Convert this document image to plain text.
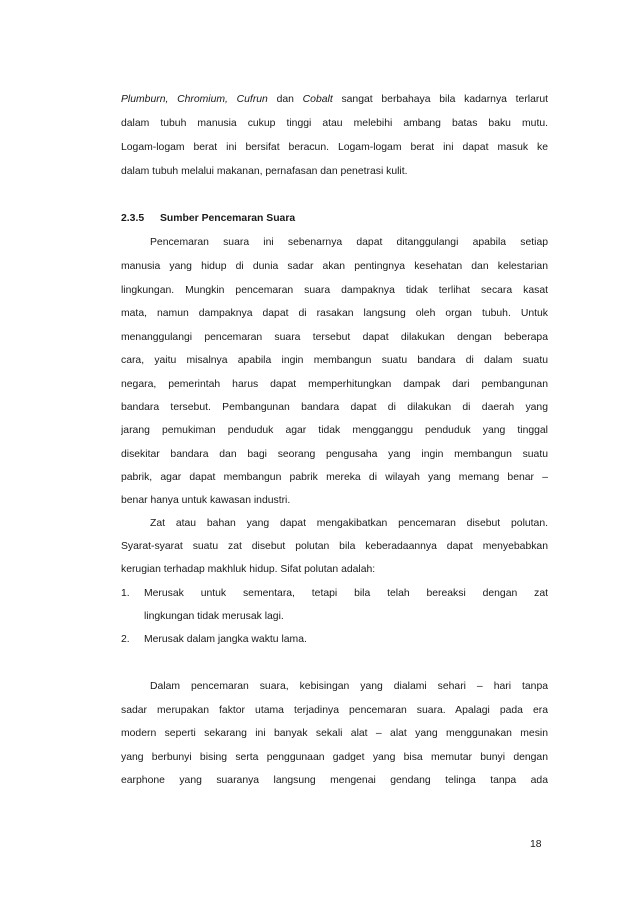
Plumburn, Chromium, Cufrun dan Cobalt sangat berbahaya bila kadarnya terlarut
dalam tubuh manusia cukup tinggi atau melebihi ambang batas baku mutu.
Logam-logam berat ini bersifat beracun. Logam-logam berat ini dapat masuk ke
dalam tubuh melalui makanan, pernafasan dan penetrasi kulit.
2.3.5	Sumber Pencemaran Suara
Pencemaran suara ini sebenarnya dapat ditanggulangi apabila setiap
manusia yang hidup di dunia sadar akan pentingnya kesehatan dan kelestarian
lingkungan. Mungkin pencemaran suara dampaknya tidak terlihat secara kasat
mata, namun dampaknya dapat di rasakan langsung oleh organ tubuh. Untuk
menanggulangi pencemaran suara tersebut dapat dilakukan dengan beberapa
cara, yaitu misalnya apabila ingin membangun suatu bandara di dalam suatu
negara, pemerintah harus dapat memperhitungkan dampak dari pembangunan
bandara tersebut. Pembangunan bandara dapat di dilakukan di daerah yang
jarang pemukiman penduduk agar tidak mengganggu penduduk yang tinggal
disekitar bandara dan bagi seorang pengusaha yang ingin membangun suatu
pabrik, agar dapat membangun pabrik mereka di wilayah yang memang benar –
benar hanya untuk kawasan industri.
Zat atau bahan yang dapat mengakibatkan pencemaran disebut polutan.
Syarat-syarat suatu zat disebut polutan bila keberadaannya dapat menyebabkan
kerugian terhadap makhluk hidup. Sifat polutan adalah:
1.	Merusak untuk sementara, tetapi bila telah bereaksi dengan zat
lingkungan tidak merusak lagi.
2.	Merusak dalam jangka waktu lama.
Dalam pencemaran suara, kebisingan yang dialami sehari – hari tanpa
sadar merupakan faktor utama terjadinya pencemaran suara. Apalagi pada era
modern seperti sekarang ini banyak sekali alat – alat yang menggunakan mesin
yang berbunyi bising serta penggunaan gadget yang bisa memutar bunyi dengan
earphone yang suaranya langsung mengenai gendang telinga tanpa ada
18
